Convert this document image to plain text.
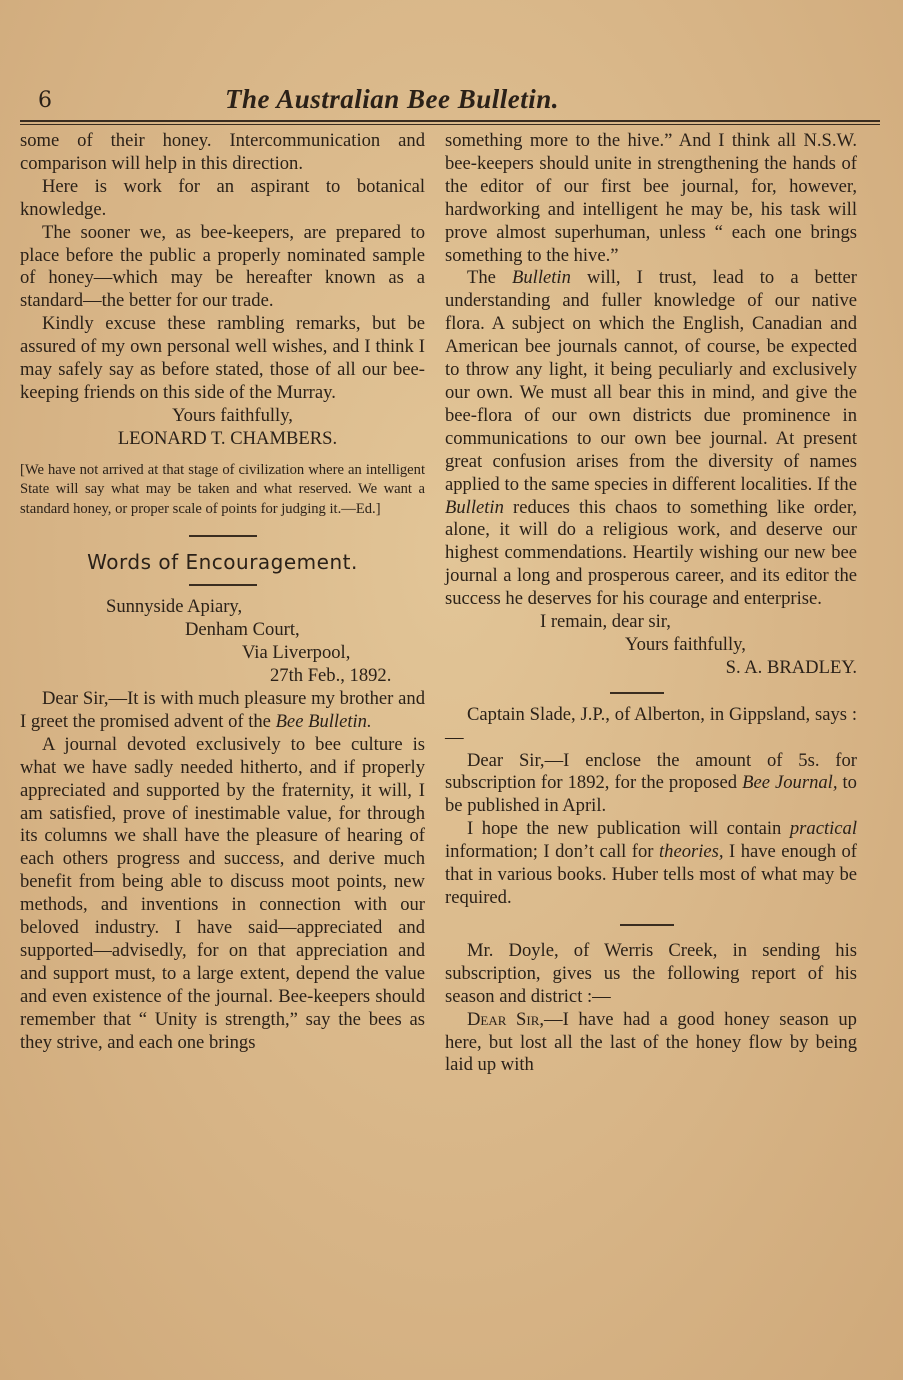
6	The Australian Bee Bulletin.

some of their honey. Intercommunication and comparison will help in this direction.

Here is work for an aspirant to botanical knowledge.

The sooner we, as bee-keepers, are prepared to place before the public a properly nominated sample of honey—which may be hereafter known as a standard—the better for our trade.

Kindly excuse these rambling remarks, but be assured of my own personal well wishes, and I think I may safely say as before stated, those of all our bee-keeping friends on this side of the Murray.

Yours faithfully,

LEONARD T. CHAMBERS.

[We have not arrived at that stage of civilization where an intelligent State will say what may be taken and what reserved. We want a standard honey, or proper scale of points for judging it.—Ed.]

Words of Encouragement.

Sunnyside Apiary,

Denham Court,

Via Liverpool,

27th Feb., 1892.

Dear Sir,—It is with much pleasure my brother and I greet the promised advent of the Bee Bulletin.

A journal devoted exclusively to bee culture is what we have sadly needed hitherto, and if properly appreciated and supported by the fraternity, it will, I am satisfied, prove of inestimable value, for through its columns we shall have the pleasure of hearing of each others progress and success, and derive much benefit from being able to discuss moot points, new methods, and inventions in connection with our beloved industry. I have said—appreciated and supported—advisedly, for on that appreciation and and support must, to a large extent, depend the value and even existence of the journal. Bee-keepers should remember that “ Unity is strength,” say the bees as they strive, and each one brings

something more to the hive.” And I think all N.S.W. bee-keepers should unite in strengthening the hands of the editor of our first bee journal, for, however, hardworking and intelligent he may be, his task will prove almost superhuman, unless “ each one brings something to the hive.”

The Bulletin will, I trust, lead to a better understanding and fuller knowledge of our native flora. A subject on which the English, Canadian and American bee journals cannot, of course, be expected to throw any light, it being peculiarly and exclusively our own. We must all bear this in mind, and give the bee-flora of our own districts due prominence in communications to our own bee journal. At present great confusion arises from the diversity of names applied to the same species in different localities. If the Bulletin reduces this chaos to something like order, alone, it will do a religious work, and deserve our highest commendations. Heartily wishing our new bee journal a long and prosperous career, and its editor the success he deserves for his courage and enterprise.

I remain, dear sir,

Yours faithfully,

S. A. BRADLEY.

Captain Slade, J.P., of Alberton, in Gippsland, says :—

Dear Sir,—I enclose the amount of 5s. for subscription for 1892, for the proposed Bee Journal, to be published in April.

I hope the new publication will contain practical information; I don’t call for theories, I have enough of that in various books. Huber tells most of what may be required.

Mr. Doyle, of Werris Creek, in sending his subscription, gives us the following report of his season and district :—

Dear Sir,—I have had a good honey season up here, but lost all the last of the honey flow by being laid up with
